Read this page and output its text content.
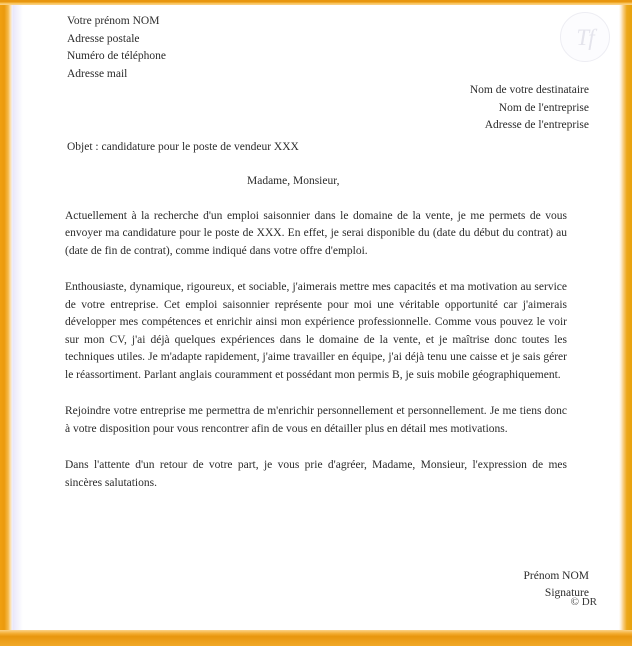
Tf
Votre prénom NOM
Adresse postale
Numéro de téléphone
Adresse mail
Nom de votre destinataire
Nom de l'entreprise
Adresse de l'entreprise
Objet : candidature pour le poste de vendeur XXX
Madame, Monsieur,

Actuellement à la recherche d'un emploi saisonnier dans le domaine de la vente, je me permets de vous envoyer ma candidature pour le poste de XXX. En effet, je serai disponible du (date du début du contrat) au (date de fin de contrat), comme indiqué dans votre offre d'emploi.

Enthousiaste, dynamique, rigoureux, et sociable, j'aimerais mettre mes capacités et ma motivation au service de votre entreprise. Cet emploi saisonnier représente pour moi une véritable opportunité car j'aimerais développer mes compétences et enrichir ainsi mon expérience professionnelle. Comme vous pouvez le voir sur mon CV, j'ai déjà quelques expériences dans le domaine de la vente, et je maîtrise donc toutes les techniques utiles. Je m'adapte rapidement, j'aime travailler en équipe, j'ai déjà tenu une caisse et je sais gérer le réassortiment. Parlant anglais couramment et possédant mon permis B, je suis mobile géographiquement.

Rejoindre votre entreprise me permettra de m'enrichir personnellement et personnellement. Je me tiens donc à votre disposition pour vous rencontrer afin de vous en détailler plus en détail mes motivations.

Dans l'attente d'un retour de votre part, je vous prie d'agréer, Madame, Monsieur, l'expression de mes sincères salutations.

Prénom NOM
Signature
© DR
